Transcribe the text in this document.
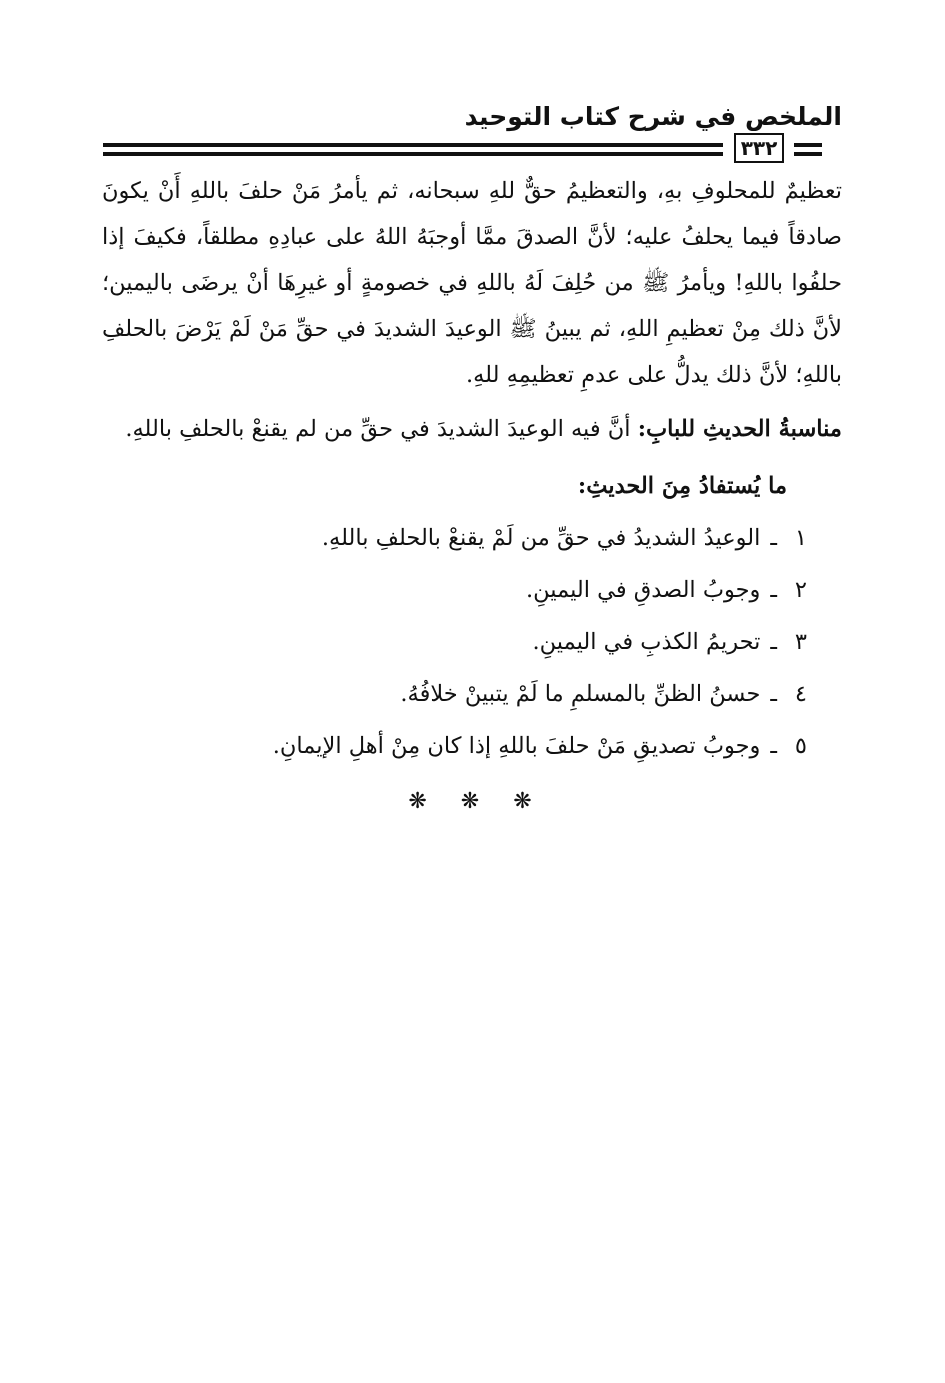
الملخص في شرح كتاب التوحيد
٣٣٢

تعظيمٌ للمحلوفِ بهِ، والتعظيمُ حقٌّ للهِ سبحانه، ثم يأمرُ مَنْ حلفَ باللهِ أَنْ يكونَ صادقاً فيما يحلفُ عليه؛ لأنَّ الصدقَ ممَّا أوجبَهُ اللهُ على عبادِهِ مطلقاً، فكيفَ إذا حلفُوا باللهِ! ويأمرُ ﷺ من حُلِفَ لَهُ باللهِ في خصومةٍ أو غيرِهَا أنْ يرضَى باليمين؛ لأنَّ ذلك مِنْ تعظيمِ اللهِ، ثم يبينُ ﷺ الوعيدَ الشديدَ في حقِّ مَنْ لَمْ يَرْضَ بالحلفِ باللهِ؛ لأنَّ ذلك يدلُّ على عدمِ تعظيمِهِ للهِ.

مناسبةُ الحديثِ للبابِ: أنَّ فيه الوعيدَ الشديدَ في حقِّ من لم يقنعْ بالحلفِ باللهِ.

ما يُستفادُ مِنَ الحديثِ:
١ـالوعيدُ الشديدُ في حقِّ من لَمْ يقنعْ بالحلفِ باللهِ.
٢ـوجوبُ الصدقِ في اليمينِ.
٣ـتحريمُ الكذبِ في اليمينِ.
٤ـحسنُ الظنِّ بالمسلمِ ما لَمْ يتبينْ خلافُهُ.
٥ـوجوبُ تصديقِ مَنْ حلفَ باللهِ إذا كان مِنْ أهلِ الإيمانِ.
❋❋❋
